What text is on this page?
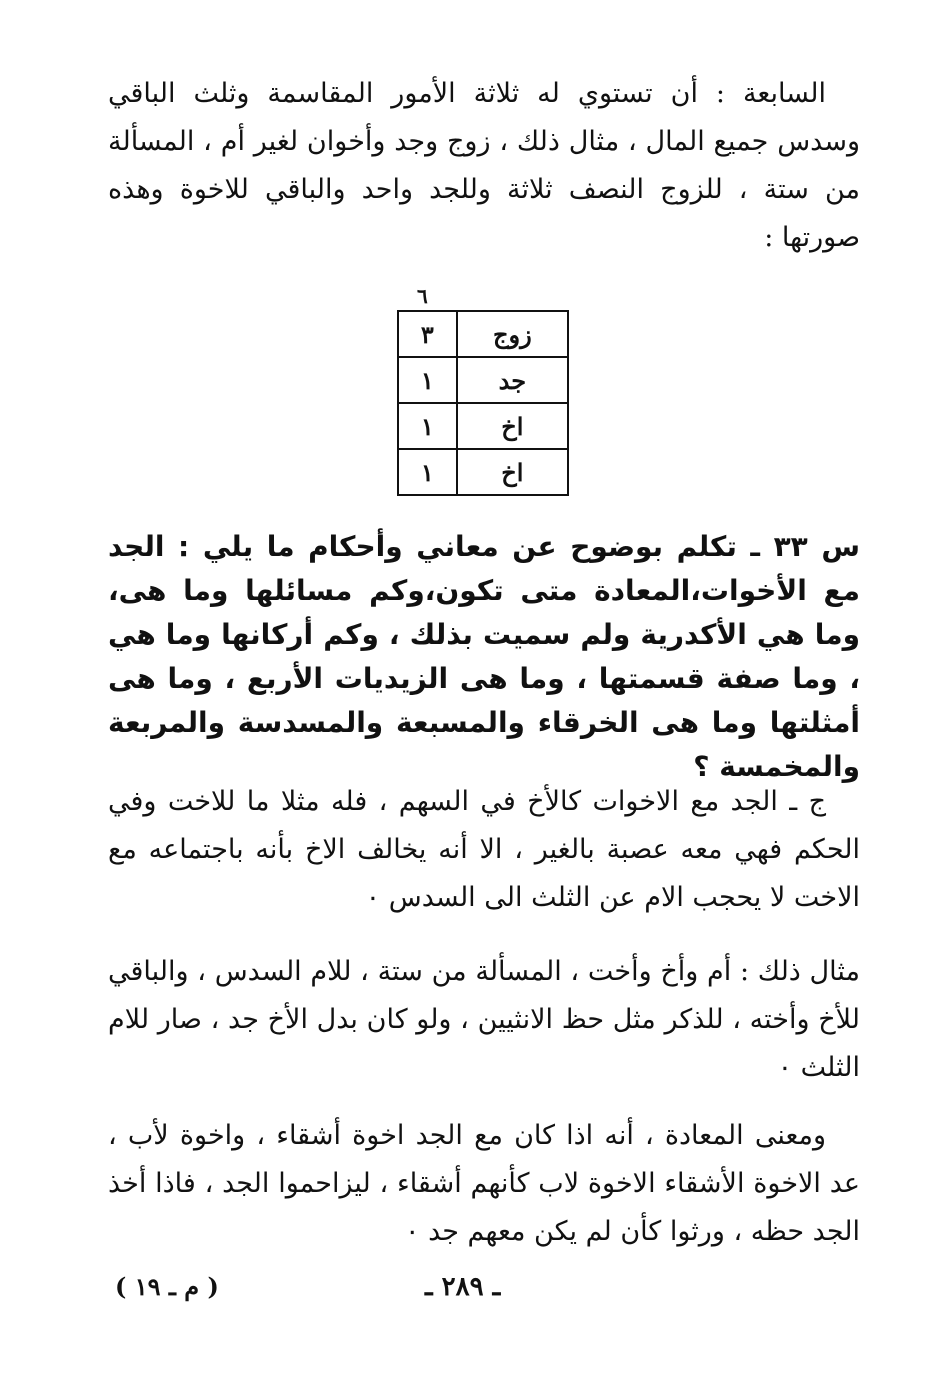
السابعة : أن تستوي له ثلاثة الأمور المقاسمة وثلث الباقي وسدس جميع المال ، مثال ذلك ، زوج وجد وأخوان لغير أم ، المسألة من ستة ، للزوج النصف ثلاثة وللجد واحد والباقي للاخوة وهذه صورتها :

٦
زوج	٣
جد	١
اخ	١
اخ	١

س ٣٣ ـ تكلم بوضوح عن معاني وأحكام ما يلي : الجد مع الأخوات،المعادة متى تكون،وكم مسائلها وما هى، وما هي الأكدرية ولم سميت بذلك ، وكم أركانها وما هي ، وما صفة قسمتها ، وما هى الزيديات الأربع ، وما هى أمثلتها وما هى الخرقاء والمسبعة والمسدسة والمربعة والمخمسة ؟

ج ـ الجد مع الاخوات كالأخ في السهم ، فله مثلا ما للاخت وفي الحكم فهي معه عصبة بالغير ، الا أنه يخالف الاخ بأنه باجتماعه مع الاخت لا يحجب الام عن الثلث الى السدس ٠

مثال ذلك : أم وأخ وأخت ، المسألة من ستة ، للام السدس ، والباقي للأخ وأخته ، للذكر مثل حظ الانثيين ، ولو كان بدل الأخ جد ، صار للام الثلث ٠

ومعنى المعادة ، أنه اذا كان مع الجد اخوة أشقاء ، واخوة لأب ، عد الاخوة الأشقاء الاخوة لاب كأنهم أشقاء ، ليزاحموا الجد ، فاذا أخذ الجد حظه ، ورثوا كأن لم يكن معهم جد ٠

ـ ٢٨٩ ـ
( م ـ ١٩ )
